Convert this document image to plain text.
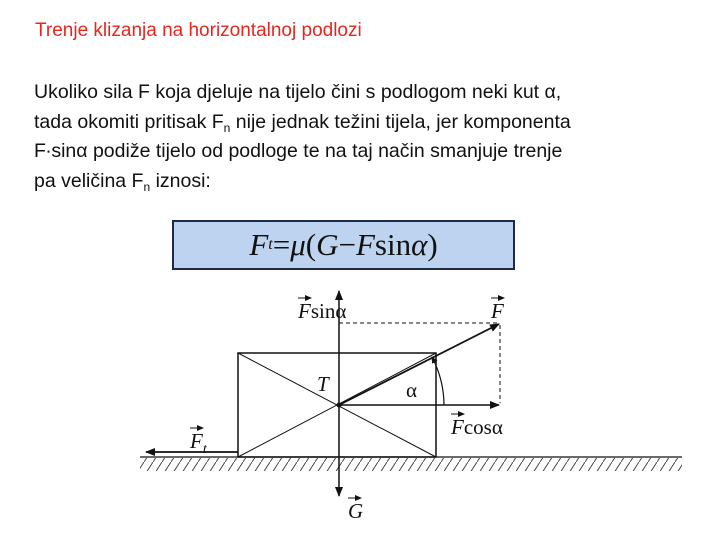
Trenje klizanja na horizontalnoj podlozi
Ukoliko sila F koja djeluje na tijelo čini s podlogom neki kut α,
tada okomiti pritisak $F_n$ nije jednak težini tijela, jer komponenta
F∙sinα podiže tijelo od podloge te na taj način smanjuje trenje
pa veličina $F_n$ iznosi:
F t = μ ( G − F sin α )
Fsinα	F
T	α
Fcosα
$F_t$
G
